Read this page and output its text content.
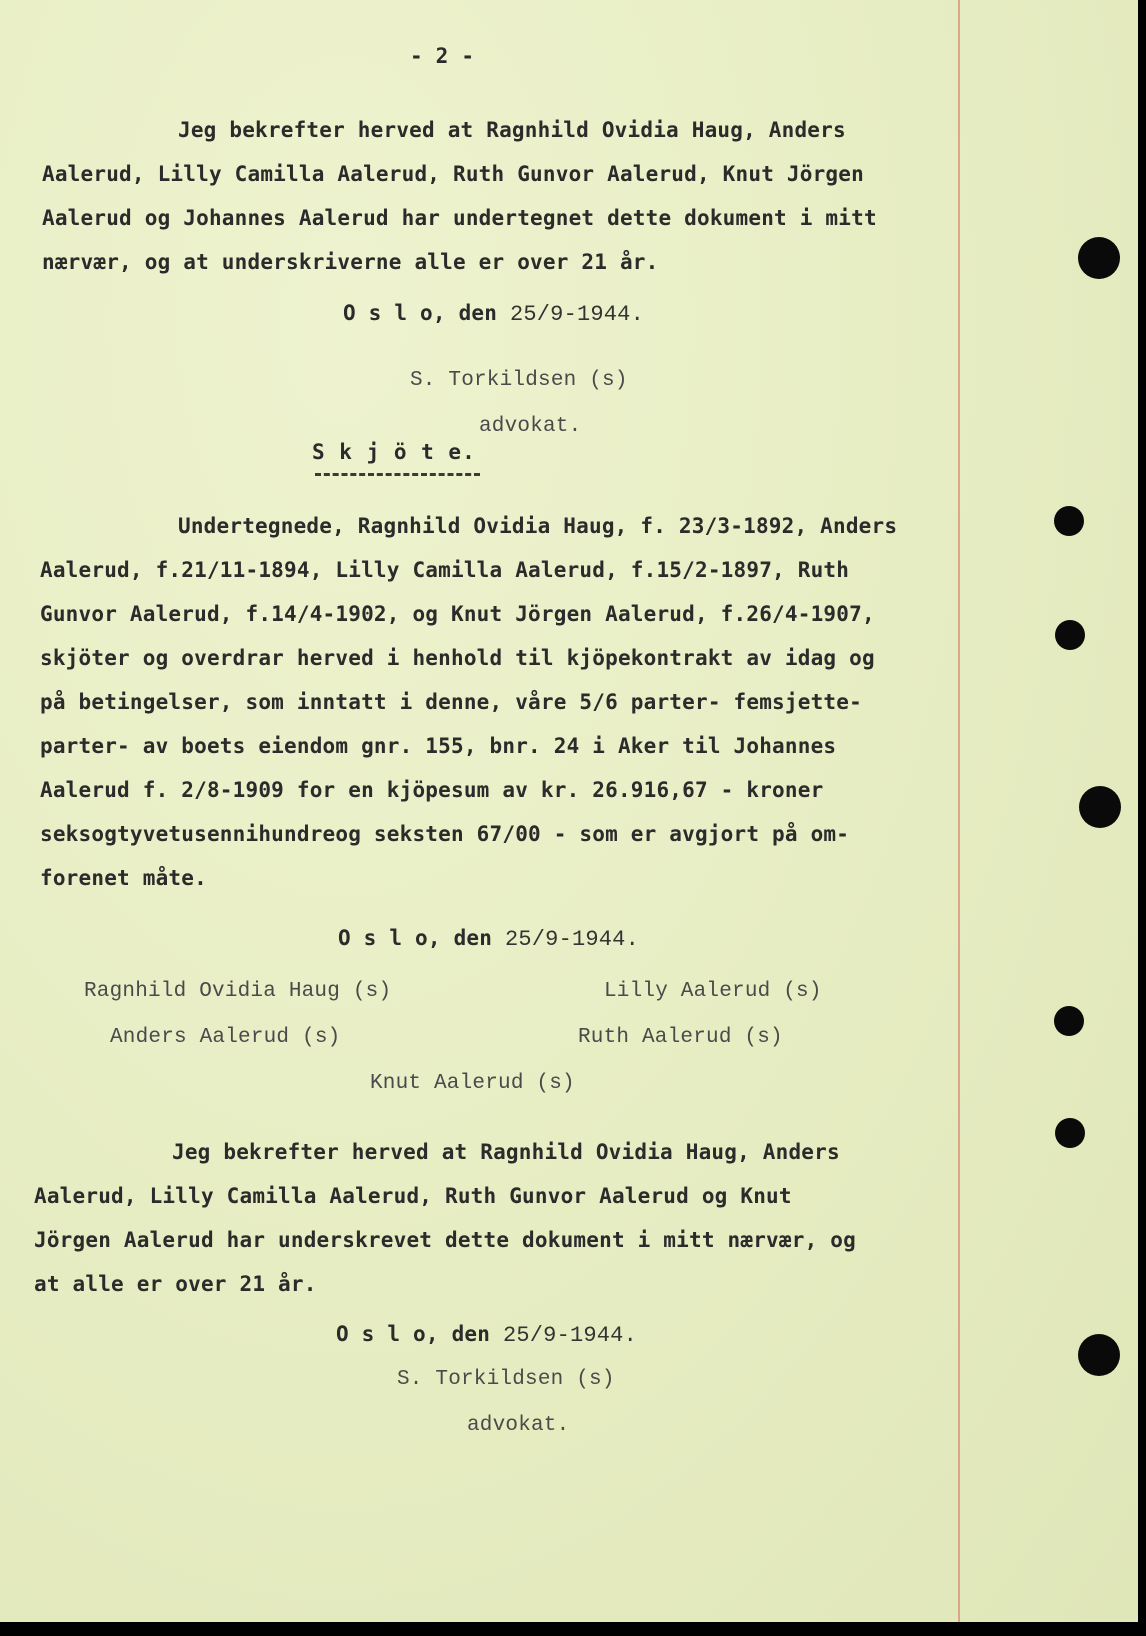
- 2 -
Jeg bekrefter herved at Ragnhild Ovidia Haug, Anders
Aalerud, Lilly Camilla Aalerud, Ruth Gunvor Aalerud, Knut Jörgen
Aalerud og Johannes Aalerud har undertegnet dette dokument i mitt
nærvær, og at underskriverne alle er over 21 år.
O s l o, den 25/9-1944.
S. Torkildsen (s)
advokat.
S k j ö t e.
Undertegnede, Ragnhild Ovidia Haug, f. 23/3-1892, Anders
Aalerud, f.21/11-1894, Lilly Camilla Aalerud, f.15/2-1897, Ruth
Gunvor Aalerud, f.14/4-1902, og Knut Jörgen Aalerud, f.26/4-1907,
skjöter og overdrar herved i henhold til kjöpekontrakt av idag og
på betingelser, som inntatt i denne, våre 5/6 parter- femsjette-
parter- av boets eiendom gnr. 155, bnr. 24 i Aker til Johannes
Aalerud f. 2/8-1909 for en kjöpesum av kr. 26.916,67 - kroner
seksogtyvetusennihundreog seksten 67/00 - som er avgjort på om-
forenet måte.
O s l o, den 25/9-1944.
Ragnhild Ovidia Haug (s)	Lilly Aalerud (s)
Anders Aalerud (s)	Ruth Aalerud (s)
Knut Aalerud (s)
Jeg bekrefter herved at Ragnhild Ovidia Haug, Anders
Aalerud, Lilly Camilla Aalerud, Ruth Gunvor Aalerud og Knut
Jörgen Aalerud har underskrevet dette dokument i mitt nærvær, og
at alle er over 21 år.
O s l o, den 25/9-1944.
S. Torkildsen (s)
advokat.
